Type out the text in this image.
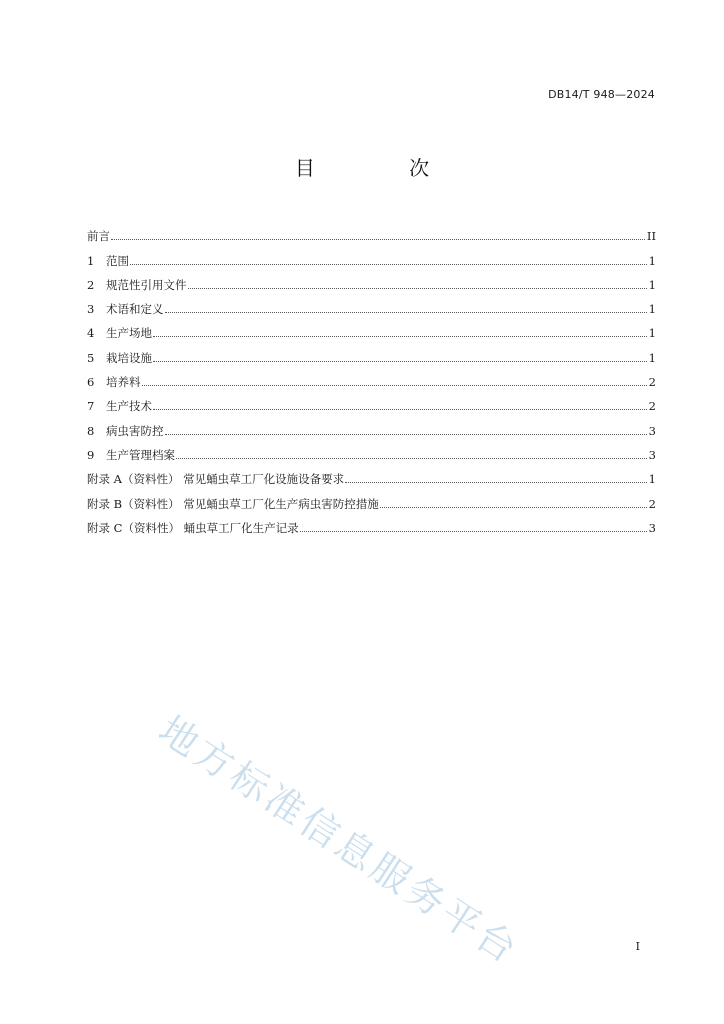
DB14/T 948—2024
目 次
前言	II
1	范围	1
2	规范性引用文件	1
3	术语和定义	1
4	生产场地	1
5	栽培设施	1
6	培养料	2
7	生产技术	2
8	病虫害防控	3
9	生产管理档案	3
附录 A（资料性） 常见蛹虫草工厂化设施设备要求	1
附录 B（资料性） 常见蛹虫草工厂化生产病虫害防控措施	2
附录 C（资料性） 蛹虫草工厂化生产记录	3
地方标准信息服务平台	I
